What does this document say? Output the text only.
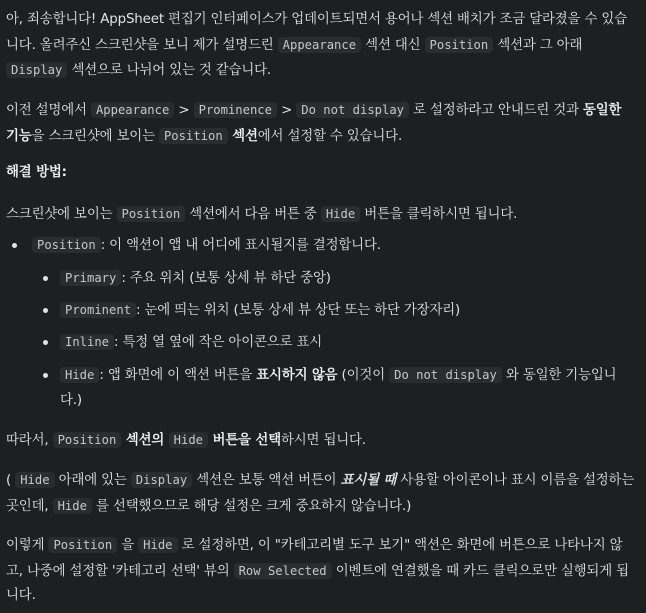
아, 죄송합니다! AppSheet 편집기 인터페이스가 업데이트되면서 용어나 섹션 배치가 조금 달라졌을 수 있습니다. 올려주신 스크린샷을 보니 제가 설명드린 Appearance 섹션 대신 Position 섹션과 그 아래 Display 섹션으로 나뉘어 있는 것 같습니다.

이전 설명에서 Appearance > Prominence > Do not display 로 설정하라고 안내드린 것과 동일한 기능을 스크린샷에 보이는 Position 섹션에서 설정할 수 있습니다.

해결 방법:

스크린샷에 보이는 Position 섹션에서 다음 버튼 중 Hide 버튼을 클릭하시면 됩니다.

Position : 이 액션이 앱 내 어디에 표시될지를 결정합니다.

Primary : 주요 위치 (보통 상세 뷰 하단 중앙)

Prominent : 눈에 띄는 위치 (보통 상세 뷰 상단 또는 하단 가장자리)

Inline : 특정 열 옆에 작은 아이콘으로 표시

Hide : 앱 화면에 이 액션 버튼을 표시하지 않음 (이것이 Do not display 와 동일한 기능입니다.)

따라서, Position 섹션의 Hide 버튼을 선택하시면 됩니다.

( Hide 아래에 있는 Display 섹션은 보통 액션 버튼이 표시될 때 사용할 아이콘이나 표시 이름을 설정하는 곳인데, Hide 를 선택했으므로 해당 설정은 크게 중요하지 않습니다.)

이렇게 Position 을 Hide 로 설정하면, 이 "카테고리별 도구 보기" 액션은 화면에 버튼으로 나타나지 않고, 나중에 설정할 '카테고리 선택' 뷰의 Row Selected 이벤트에 연결했을 때 카드 클릭으로만 실행되게 됩니다.
